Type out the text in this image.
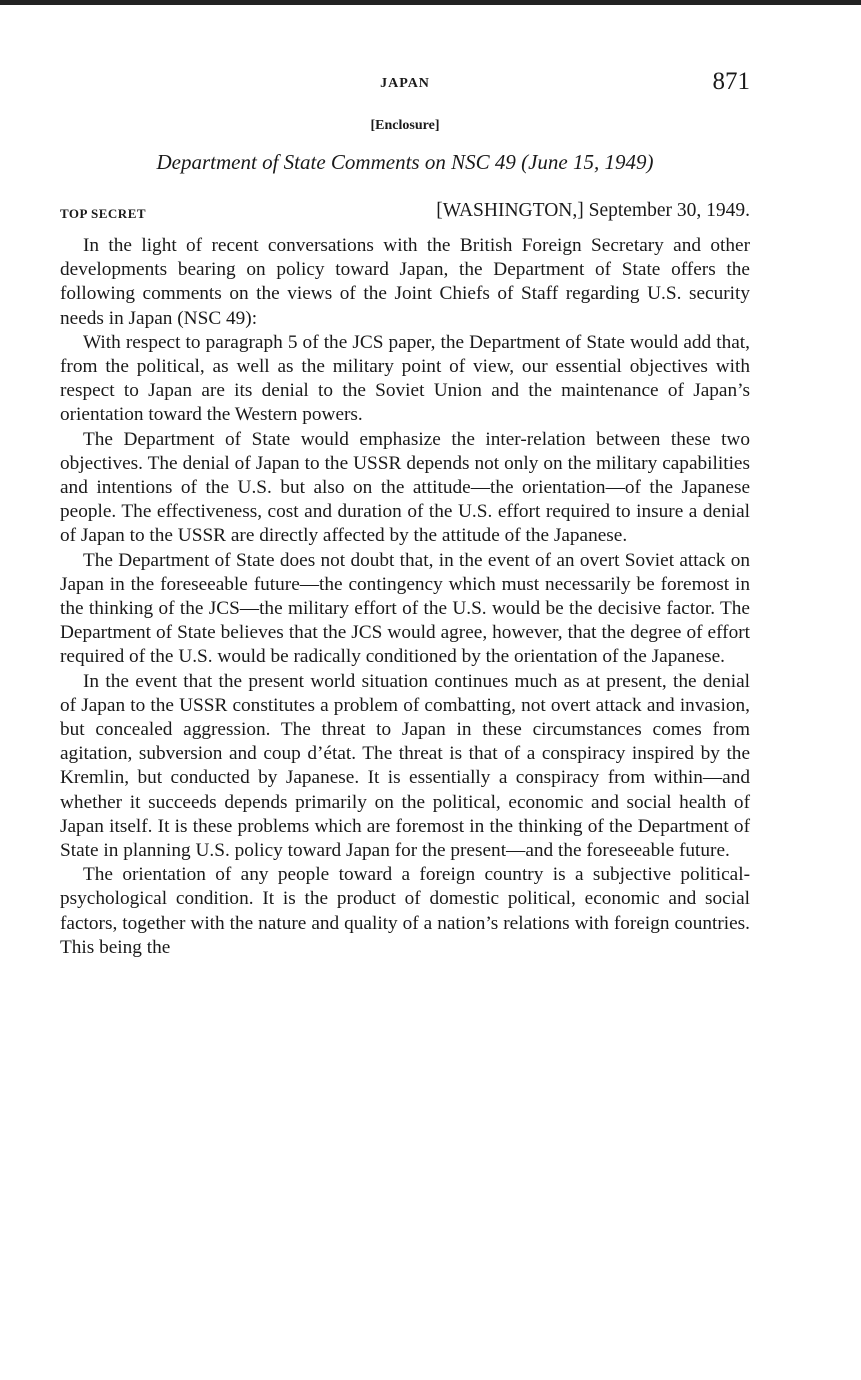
JAPAN	871
[Enclosure]
Department of State Comments on NSC 49 (June 15, 1949)
TOP SECRET	[WASHINGTON,] September 30, 1949.

In the light of recent conversations with the British Foreign Secretary and other developments bearing on policy toward Japan, the Department of State offers the following comments on the views of the Joint Chiefs of Staff regarding U.S. security needs in Japan (NSC 49):

With respect to paragraph 5 of the JCS paper, the Department of State would add that, from the political, as well as the military point of view, our essential objectives with respect to Japan are its denial to the Soviet Union and the maintenance of Japan’s orientation toward the Western powers.

The Department of State would emphasize the inter-relation between these two objectives. The denial of Japan to the USSR depends not only on the military capabilities and intentions of the U.S. but also on the attitude—the orientation—of the Japanese people. The effectiveness, cost and duration of the U.S. effort required to insure a denial of Japan to the USSR are directly affected by the attitude of the Japanese.

The Department of State does not doubt that, in the event of an overt Soviet attack on Japan in the foreseeable future—the contingency which must necessarily be foremost in the thinking of the JCS—the military effort of the U.S. would be the decisive factor. The Department of State believes that the JCS would agree, however, that the degree of effort required of the U.S. would be radically conditioned by the orientation of the Japanese.

In the event that the present world situation continues much as at present, the denial of Japan to the USSR constitutes a problem of combatting, not overt attack and invasion, but concealed aggression. The threat to Japan in these circumstances comes from agitation, subversion and coup d’état. The threat is that of a conspiracy inspired by the Kremlin, but conducted by Japanese. It is essentially a conspiracy from within—and whether it succeeds depends primarily on the political, economic and social health of Japan itself. It is these problems which are foremost in the thinking of the Department of State in planning U.S. policy toward Japan for the present—and the foreseeable future.

The orientation of any people toward a foreign country is a subjective political-psychological condition. It is the product of domestic political, economic and social factors, together with the nature and quality of a nation’s relations with foreign countries. This being the
